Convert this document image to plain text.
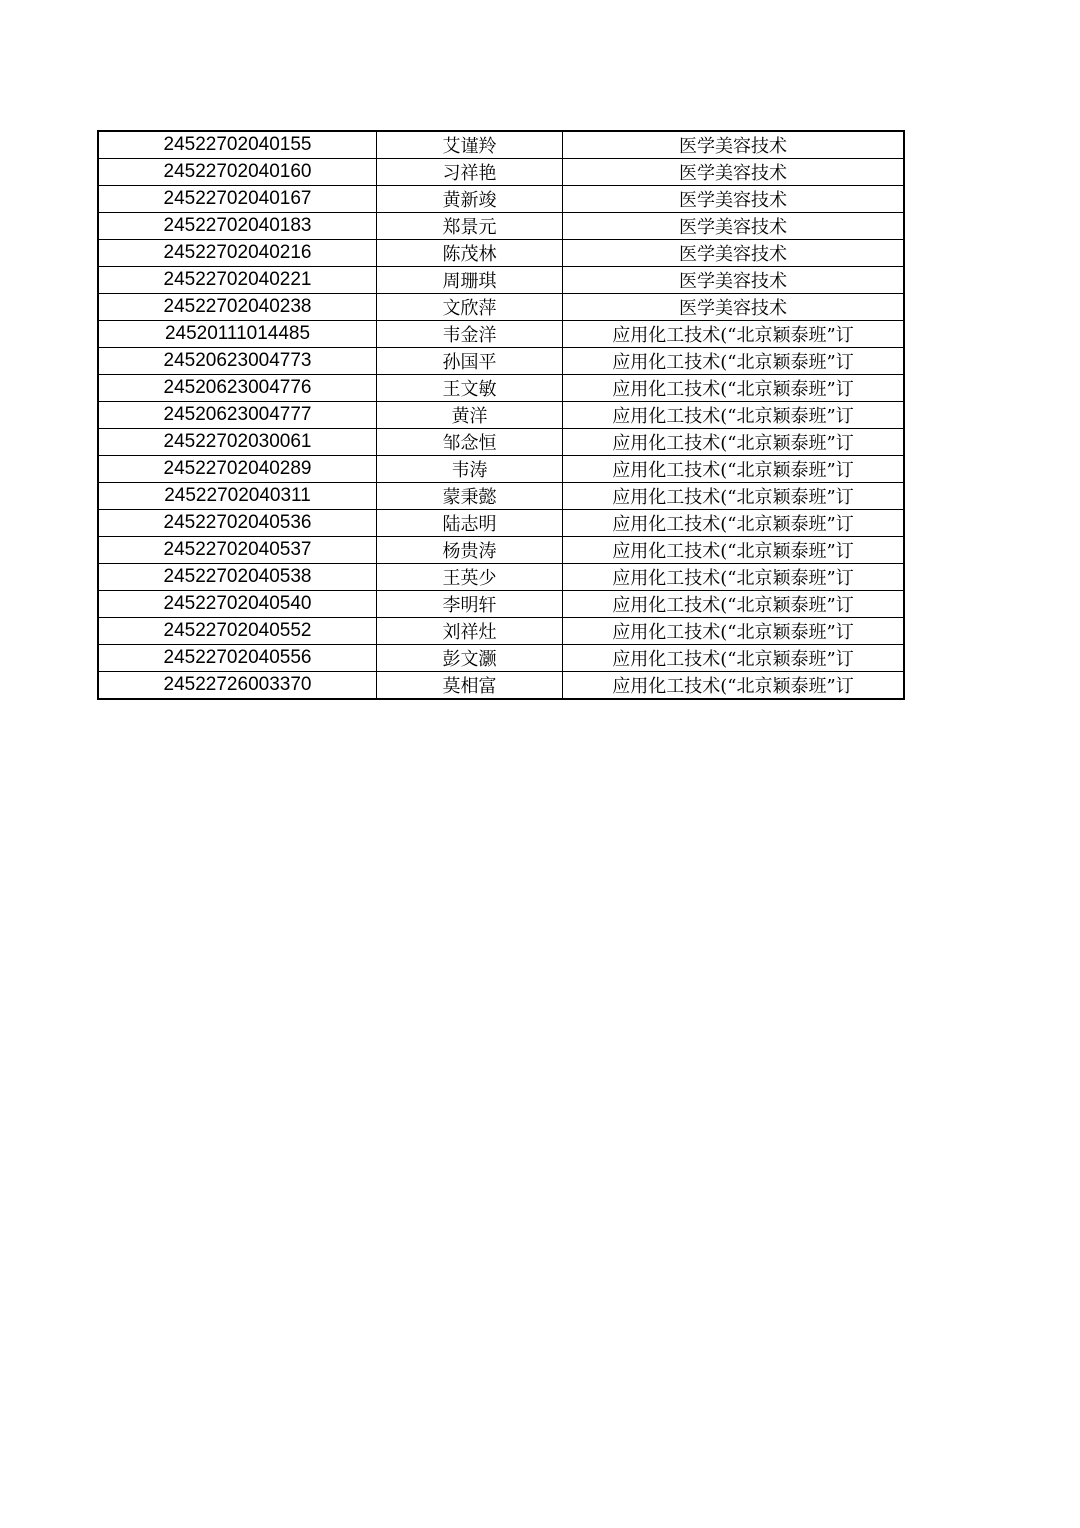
24522702040155	艾谨羚	医学美容技术
24522702040160	习祥艳	医学美容技术
24522702040167	黄新竣	医学美容技术
24522702040183	郑景元	医学美容技术
24522702040216	陈茂林	医学美容技术
24522702040221	周珊琪	医学美容技术
24522702040238	文欣萍	医学美容技术
24520111014485	韦金洋	应用化工技术(“北京颖泰班”订
24520623004773	孙国平	应用化工技术(“北京颖泰班”订
24520623004776	王文敏	应用化工技术(“北京颖泰班”订
24520623004777	黄洋	应用化工技术(“北京颖泰班”订
24522702030061	邹念恒	应用化工技术(“北京颖泰班”订
24522702040289	韦涛	应用化工技术(“北京颖泰班”订
24522702040311	蒙秉懿	应用化工技术(“北京颖泰班”订
24522702040536	陆志明	应用化工技术(“北京颖泰班”订
24522702040537	杨贵涛	应用化工技术(“北京颖泰班”订
24522702040538	王英少	应用化工技术(“北京颖泰班”订
24522702040540	李明轩	应用化工技术(“北京颖泰班”订
24522702040552	刘祥灶	应用化工技术(“北京颖泰班”订
24522702040556	彭文灏	应用化工技术(“北京颖泰班”订
24522726003370	莫相富	应用化工技术(“北京颖泰班”订
